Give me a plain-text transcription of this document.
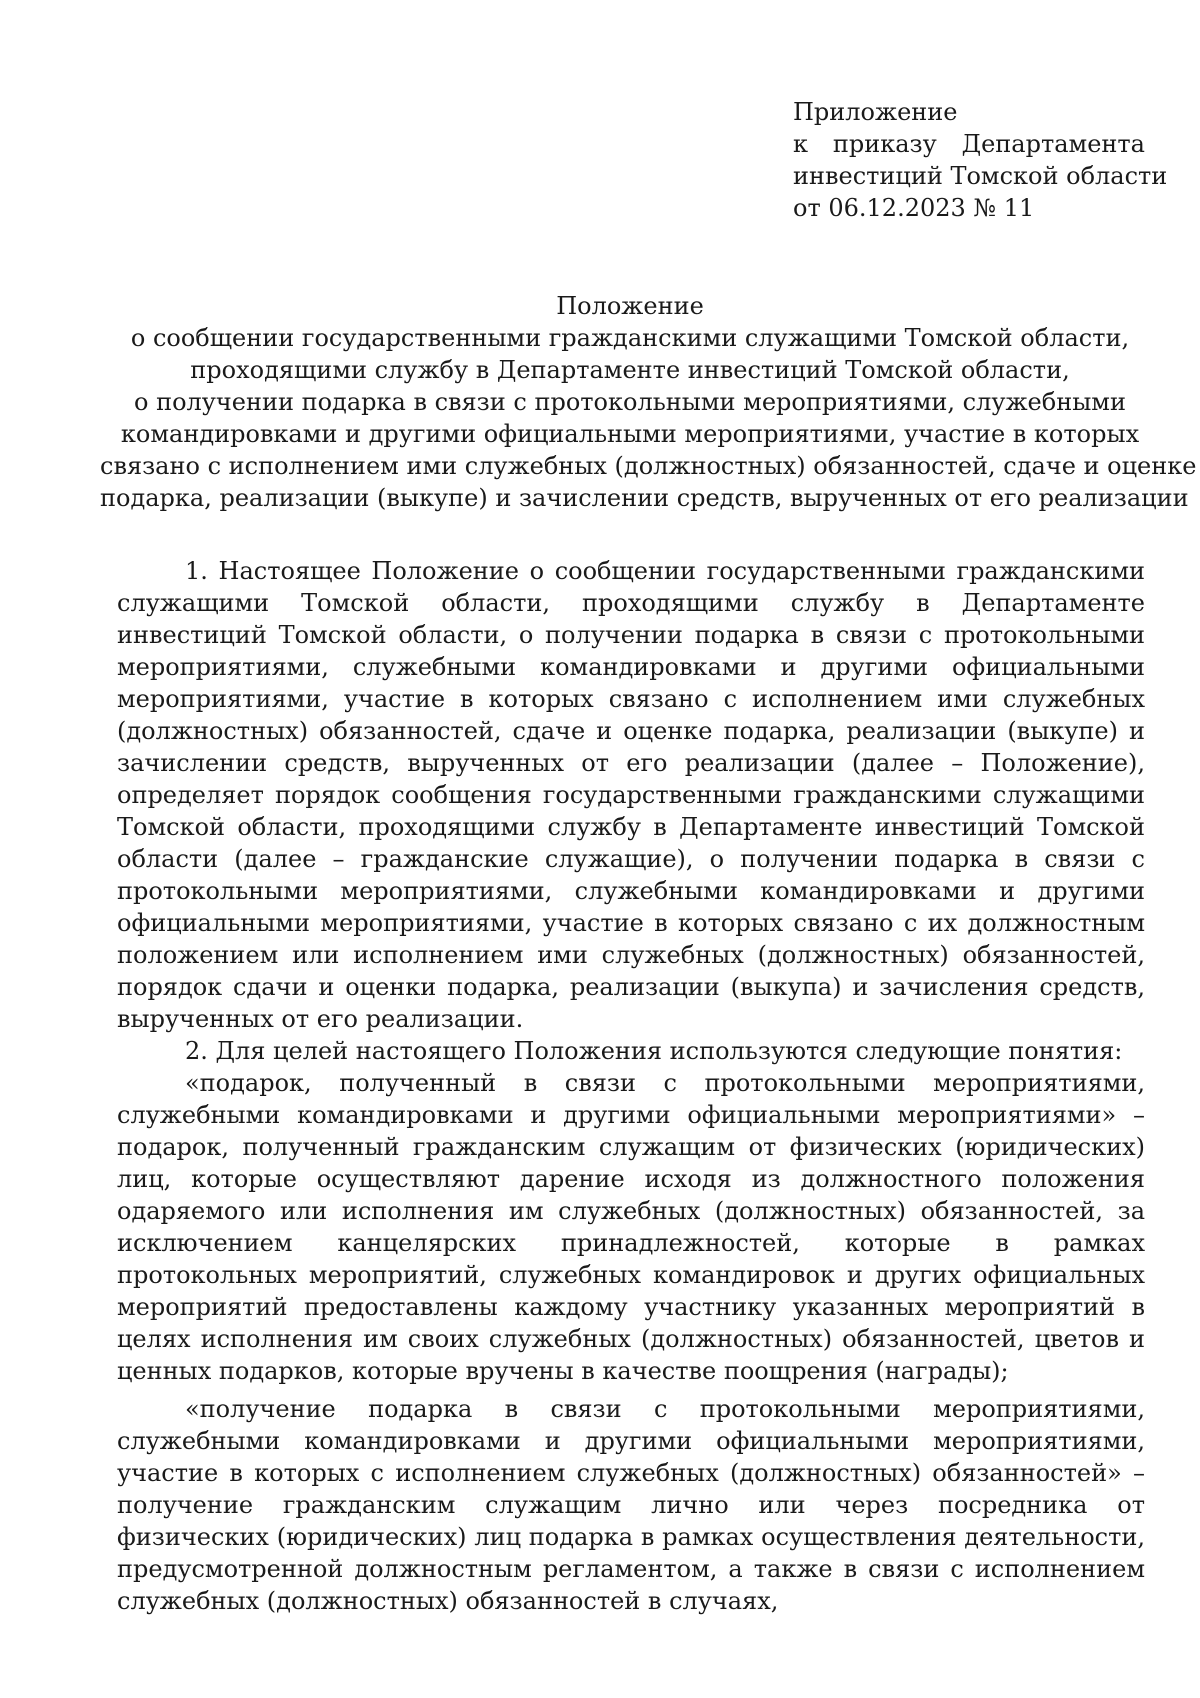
Приложение
к приказу Департамента
инвестиций Томской области
от 06.12.2023 № 11
Положение
о сообщении государственными гражданскими служащими Томской области,
проходящими службу в Департаменте инвестиций Томской области,
о получении подарка в связи с протокольными мероприятиями, служебными
командировками и другими официальными мероприятиями, участие в которых
связано с исполнением ими служебных (должностных) обязанностей, сдаче и оценке
подарка, реализации (выкупе) и зачислении средств, вырученных от его реализации

1. Настоящее Положение о сообщении государственными гражданскими служащими Томской области, проходящими службу в Департаменте инвестиций Томской области, о получении подарка в связи с протокольными мероприятиями, служебными командировками и другими официальными мероприятиями, участие в которых связано с исполнением ими служебных (должностных) обязанностей, сдаче и оценке подарка, реализации (выкупе) и зачислении средств, вырученных от его реализации (далее – Положение), определяет порядок сообщения государственными гражданскими служащими Томской области, проходящими службу в Департаменте инвестиций Томской области (далее – гражданские служащие), о получении подарка в связи с протокольными мероприятиями, служебными командировками и другими официальными мероприятиями, участие в которых связано с их должностным положением или исполнением ими служебных (должностных) обязанностей, порядок сдачи и оценки подарка, реализации (выкупа) и зачисления средств, вырученных от его реализации.

2. Для целей настоящего Положения используются следующие понятия:

«подарок, полученный в связи с протокольными мероприятиями, служебными командировками и другими официальными мероприятиями» – подарок, полученный гражданским служащим от физических (юридических) лиц, которые осуществляют дарение исходя из должностного положения одаряемого или исполнения им служебных (должностных) обязанностей, за исключением канцелярских принадлежностей, которые в рамках протокольных мероприятий, служебных командировок и других официальных мероприятий предоставлены каждому участнику указанных мероприятий в целях исполнения им своих служебных (должностных) обязанностей, цветов и ценных подарков, которые вручены в качестве поощрения (награды);

«получение подарка в связи с протокольными мероприятиями, служебными командировками и другими официальными мероприятиями, участие в которых с исполнением служебных (должностных) обязанностей» – получение гражданским служащим лично или через посредника от физических (юридических) лиц подарка в рамках осуществления деятельности, предусмотренной должностным регламентом, а также в связи с исполнением служебных (должностных) обязанностей в случаях,
